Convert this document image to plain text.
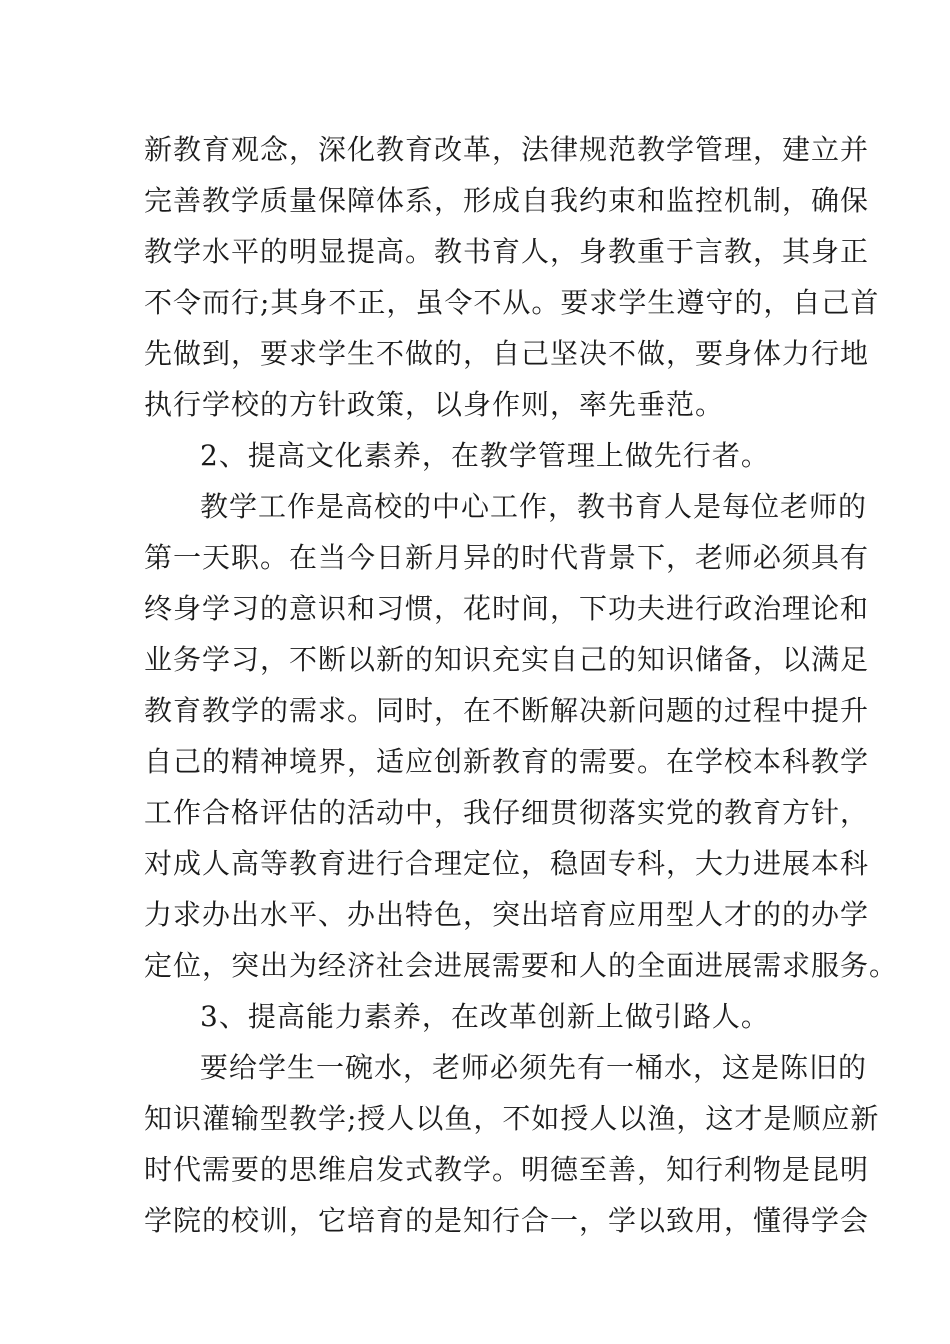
新教育观念，深化教育改革，法律规范教学管理，建立并
完善教学质量保障体系，形成自我约束和监控机制，确保
教学水平的明显提高。教书育人，身教重于言教，其身正
不令而行;其身不正，虽令不从。要求学生遵守的，自己首
先做到，要求学生不做的，自己坚决不做，要身体力行地
执行学校的方针政策，以身作则，率先垂范。
2、提高文化素养，在教学管理上做先行者。
教学工作是高校的中心工作，教书育人是每位老师的
第一天职。在当今日新月异的时代背景下，老师必须具有
终身学习的意识和习惯，花时间，下功夫进行政治理论和
业务学习，不断以新的知识充实自己的知识储备，以满足
教育教学的需求。同时，在不断解决新问题的过程中提升
自己的精神境界，适应创新教育的需要。在学校本科教学
工作合格评估的活动中，我仔细贯彻落实党的教育方针，
对成人高等教育进行合理定位，稳固专科，大力进展本科
力求办出水平、办出特色，突出培育应用型人才的的办学
定位，突出为经济社会进展需要和人的全面进展需求服务。
3、提高能力素养，在改革创新上做引路人。
要给学生一碗水，老师必须先有一桶水，这是陈旧的
知识灌输型教学;授人以鱼，不如授人以渔，这才是顺应新
时代需要的思维启发式教学。明德至善，知行利物是昆明
学院的校训，它培育的是知行合一，学以致用，懂得学会
